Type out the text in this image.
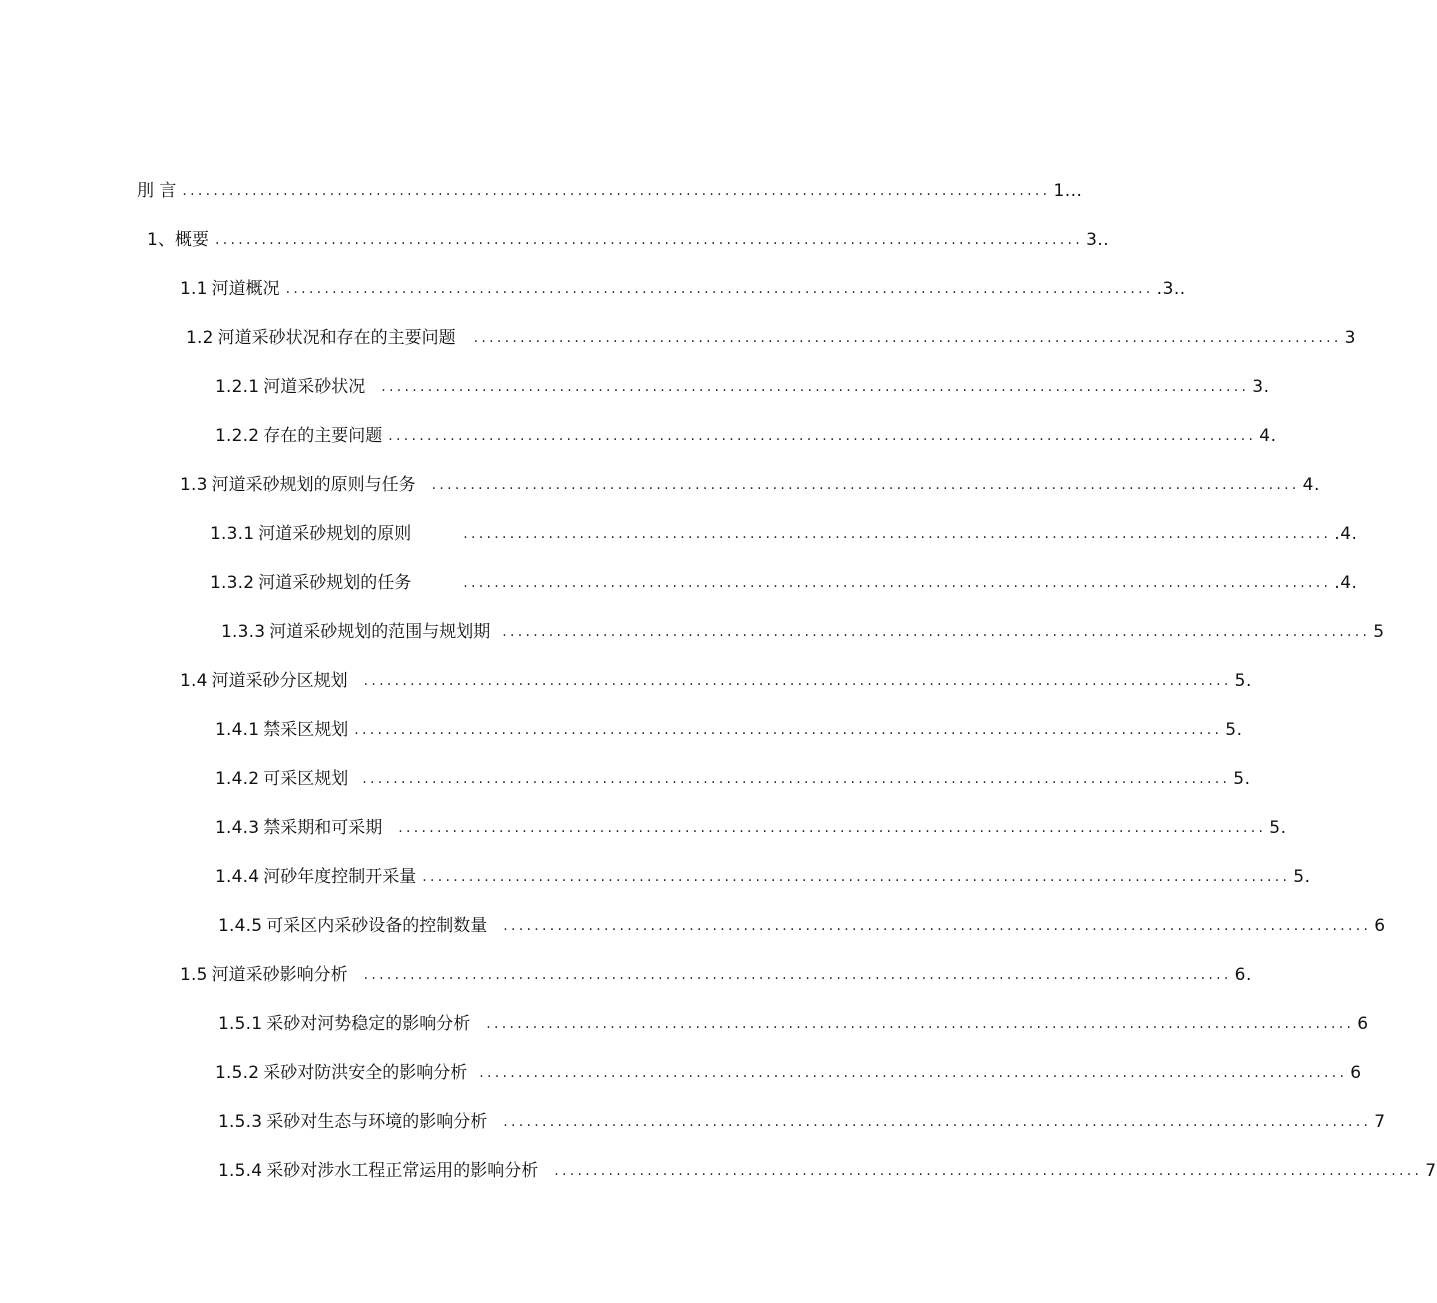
刖 言 ................................................................................................................ 1...
1 、概要 ................................................................................................................ 3..
1.1 河道概况 ................................................................................................................ .3..
1.2 河道采砂状况和存在的主要问题 ................................................................................................................ 3
1.2.1 河道采砂状况 ................................................................................................................ 3.
1.2.2 存在的主要问题 ................................................................................................................ 4.
1.3 河道采砂规划的原则与任务 ................................................................................................................ 4.
1.3.1 河道采砂规划的原则	................................................................................................................ .4.
1.3.2 河道采砂规划的任务	................................................................................................................ .4.
1.3.3 河道采砂规划的范围与规划期 ................................................................................................................ 5
1.4 河道采砂分区规划 ................................................................................................................ 5.
1.4.1 禁采区规划 ................................................................................................................ 5.
1.4.2 可采区规划 ................................................................................................................ 5.
1.4.3 禁采期和可采期 ................................................................................................................ 5.
1.4.4 河砂年度控制开采量 ................................................................................................................ 5.
1.4.5 可采区内采砂设备的控制数量 ................................................................................................................ 6
1.5 河道采砂影响分析 ................................................................................................................ 6.
1.5.1 采砂对河势稳定的影响分析 ................................................................................................................ 6
1.5.2 采砂对防洪安全的影响分析 ................................................................................................................ 6
1.5.3 采砂对生态与环境的影响分析 ................................................................................................................ 7
1.5.4 采砂对涉水工程正常运用的影响分析 ................................................................................................................ 7
